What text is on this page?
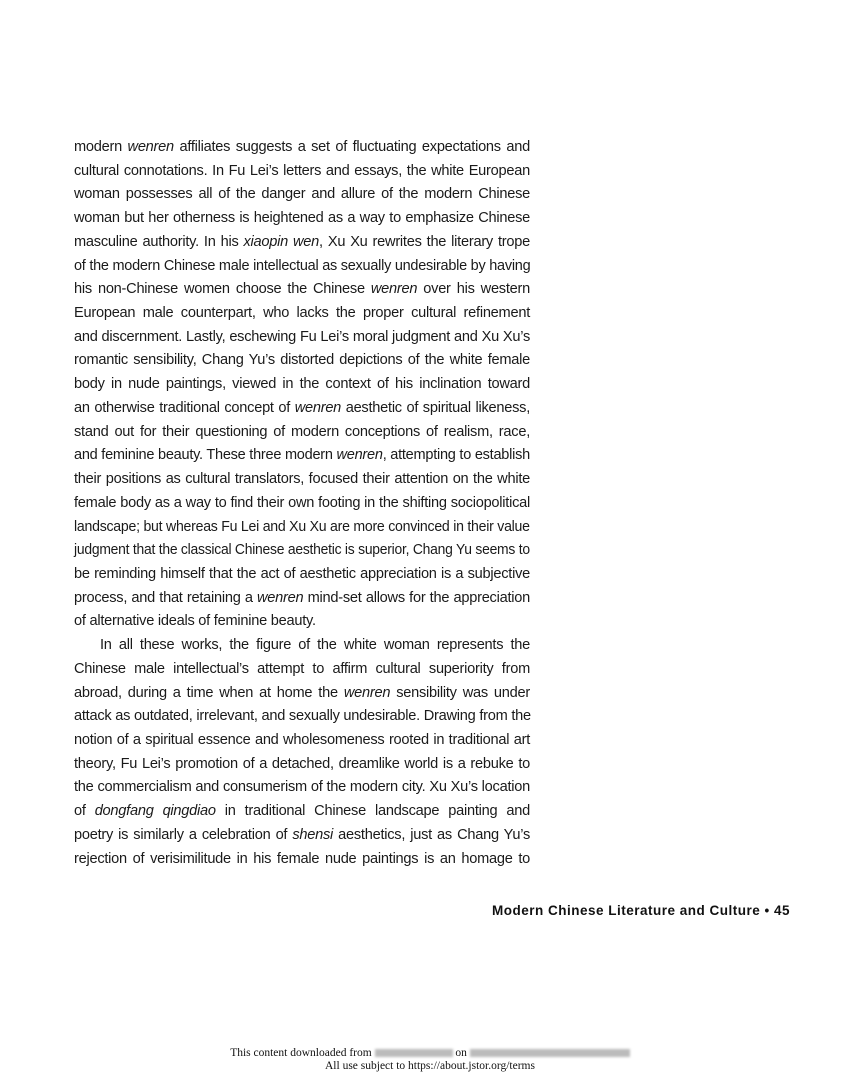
modern wenren affiliates suggests a set of fluctuating expectations and
cultural connotations. In Fu Lei’s letters and essays, the white European
woman possesses all of the danger and allure of the modern Chinese
woman but her otherness is heightened as a way to emphasize Chinese
masculine authority. In his xiaopin wen, Xu Xu rewrites the literary trope
of the modern Chinese male intellectual as sexually undesirable by having
his non-Chinese women choose the Chinese wenren over his western
European male counterpart, who lacks the proper cultural refinement
and discernment. Lastly, eschewing Fu Lei’s moral judgment and Xu Xu’s
romantic sensibility, Chang Yu’s distorted depictions of the white female
body in nude paintings, viewed in the context of his inclination toward
an otherwise traditional concept of wenren aesthetic of spiritual likeness,
stand out for their questioning of modern conceptions of realism, race,
and feminine beauty. These three modern wenren, attempting to establish
their positions as cultural translators, focused their attention on the white
female body as a way to find their own footing in the shifting sociopolitical
landscape; but whereas Fu Lei and Xu Xu are more convinced in their value
judgment that the classical Chinese aesthetic is superior, Chang Yu seems to
be reminding himself that the act of aesthetic appreciation is a subjective
process, and that retaining a wenren mind-set allows for the appreciation
of alternative ideals of feminine beauty.
In all these works, the figure of the white woman represents the
Chinese male intellectual’s attempt to affirm cultural superiority from
abroad, during a time when at home the wenren sensibility was under
attack as outdated, irrelevant, and sexually undesirable. Drawing from the
notion of a spiritual essence and wholesomeness rooted in traditional art
theory, Fu Lei’s promotion of a detached, dreamlike world is a rebuke to
the commercialism and consumerism of the modern city. Xu Xu’s location
of dongfang qingdiao in traditional Chinese landscape painting and
poetry is similarly a celebration of shensi aesthetics, just as Chang Yu’s
rejection of verisimilitude in his female nude paintings is an homage to
Modern Chinese Literature and Culture • 45
This content downloaded from	on
All use subject to https://about.jstor.org/terms
